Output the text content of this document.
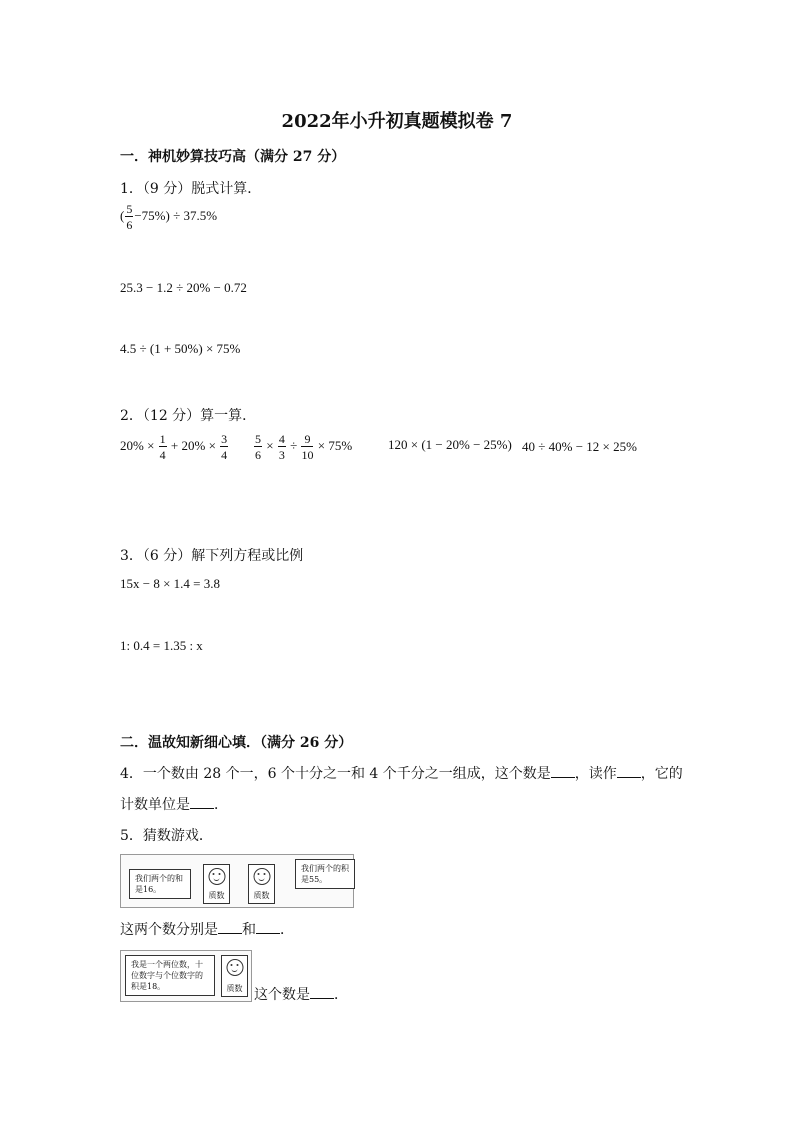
2022年小升初真题模拟卷 7
一．神机妙算技巧高（满分 27 分）
1．（9 分）脱式计算．
( $\frac{5}{6} -75\%) \div 37.5\%$
25.3 − 1.2 ÷ 20% − 0.72
4.5 ÷ (1 + 50%) × 75%
2．（12 分）算一算．
$20\% \times \frac{1}{4} + 20\% \times \frac{3}{4} \frac{5}{6} \times \frac{4}{3} \div \frac{9}{10} \times 75\%$	120 × (1 − 20% − 25%) 40 ÷ 40% − 12 × 25%
3．（6 分）解下列方程或比例
15x − 8 × 1.4 = 3.8
1: 0.4 = 1.35 : x
二．温故知新细心填．（满分 26 分）
4．一个数由 28 个一，6 个十分之一和 4 个千分之一组成，这个数是 ，读作 ，它的
计数单位是 ．
5．猜数游戏．
我们两个的和是16。
质数	质数
我们两个的积是55。
这两个数分别是 和 ．
我是一个两位数，十位数字与个位数字的积是18。	质数 这个数是 ．
